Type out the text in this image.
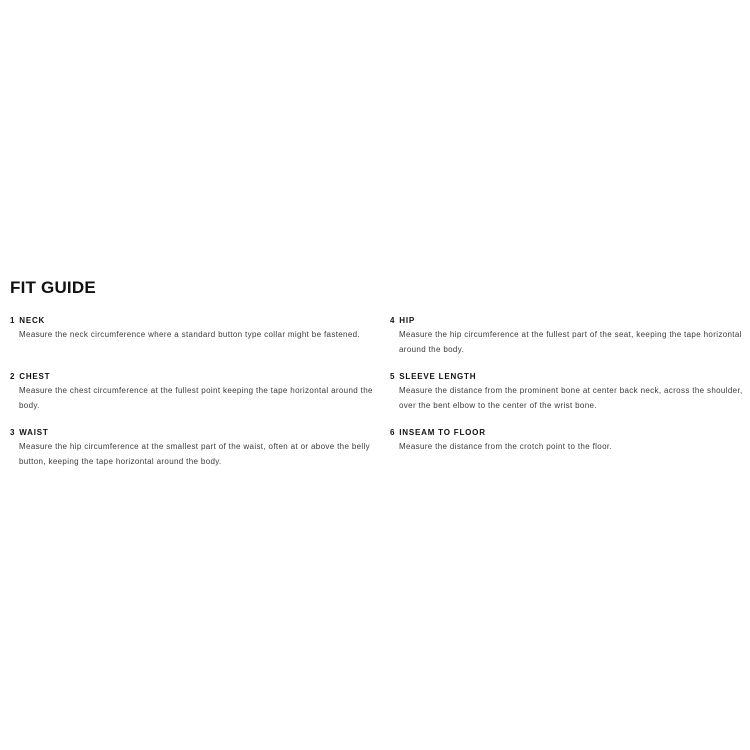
FIT GUIDE
1 NECK

Measure the neck circumference where a standard button type collar might be fastened.

2 CHEST

Measure the chest circumference at the fullest point keeping the tape horizontal around the body.

3 WAIST

Measure the hip circumference at the smallest part of the waist, often at or above the belly button, keeping the tape horizontal around the body.

4 HIP

Measure the hip circumference at the fullest part of the seat, keeping the tape horizontal around the body.

5 SLEEVE LENGTH

Measure the distance from the prominent bone at center back neck, across the shoulder, over the bent elbow to the center of the wrist bone.

6 INSEAM TO FLOOR

Measure the distance from the crotch point to the floor.
